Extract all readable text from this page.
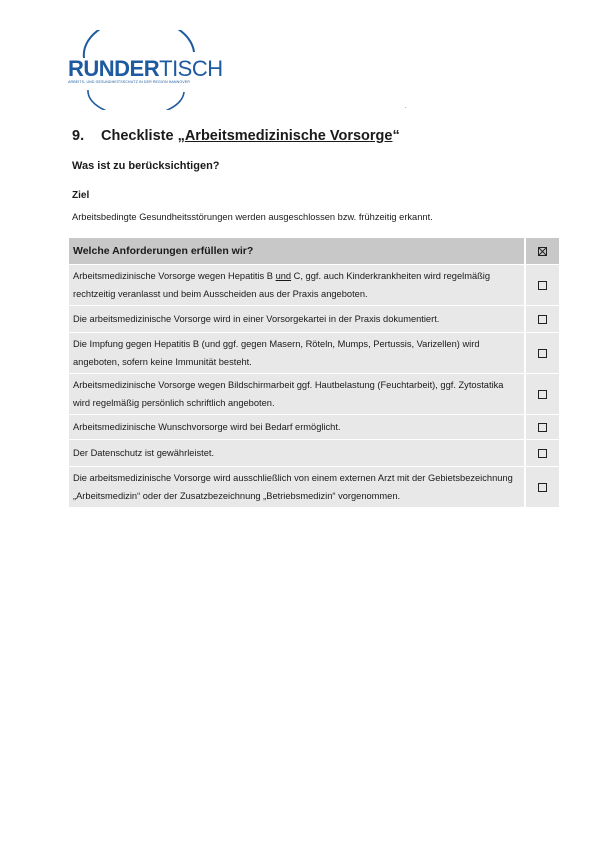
RUNDERTISCH
ARBEITS- UND GESUNDHEITSSCHUTZ IN DER REGION HANNOVER
.
9. Checkliste „Arbeitsmedizinische Vorsorge“
Was ist zu berücksichtigen?
Ziel
Arbeitsbedingte Gesundheitsstörungen werden ausgeschlossen bzw. frühzeitig erkannt.
Welche Anforderungen erfüllen wir?

Arbeitsmedizinische Vorsorge wegen Hepatitis B und C, ggf. auch Kinderkrankheiten wird regelmäßig rechtzeitig veranlasst und beim Ausscheiden aus der Praxis angeboten.

Die arbeitsmedizinische Vorsorge wird in einer Vorsorgekartei in der Praxis dokumentiert.

Die Impfung gegen Hepatitis B (und ggf. gegen Masern, Röteln, Mumps, Pertussis, Varizellen) wird angeboten, sofern keine Immunität besteht.

Arbeitsmedizinische Vorsorge wegen Bildschirmarbeit ggf. Hautbelastung (Feuchtarbeit), ggf. Zytostatika wird regelmäßig persönlich schriftlich angeboten.

Arbeitsmedizinische Wunschvorsorge wird bei Bedarf ermöglicht.

Der Datenschutz ist gewährleistet.

Die arbeitsmedizinische Vorsorge wird ausschließlich von einem externen Arzt mit der Gebietsbezeichnung „Arbeitsmedizin“ oder der Zusatzbezeichnung „Betriebsmedizin“ vorgenommen.
